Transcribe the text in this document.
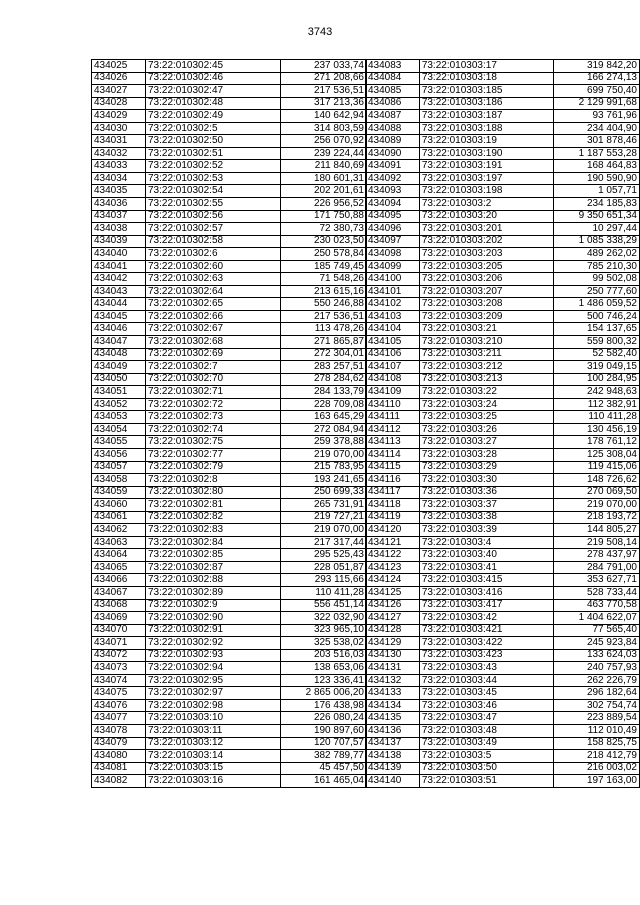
3743
434025	73:22:010302:45	237 033,74
434026	73:22:010302:46	271 208,66
434027	73:22:010302:47	217 536,51
434028	73:22:010302:48	317 213,36
434029	73:22:010302:49	140 642,94
434030	73:22:010302:5	314 803,59
434031	73:22:010302:50	256 070,92
434032	73:22:010302:51	239 224,44
434033	73:22:010302:52	211 840,69
434034	73:22:010302:53	180 601,31
434035	73:22:010302:54	202 201,61
434036	73:22:010302:55	226 956,52
434037	73:22:010302:56	171 750,88
434038	73:22:010302:57	72 380,73
434039	73:22:010302:58	230 023,50
434040	73:22:010302:6	250 578,84
434041	73:22:010302:60	185 749,45
434042	73:22:010302:63	71 548,26
434043	73:22:010302:64	213 615,16
434044	73:22:010302:65	550 246,88
434045	73:22:010302:66	217 536,51
434046	73:22:010302:67	113 478,26
434047	73:22:010302:68	271 865,87
434048	73:22:010302:69	272 304,01
434049	73:22:010302:7	283 257,51
434050	73:22:010302:70	278 284,62
434051	73:22:010302:71	284 133,79
434052	73:22:010302:72	228 709,08
434053	73:22:010302:73	163 645,29
434054	73:22:010302:74	272 084,94
434055	73:22:010302:75	259 378,88
434056	73:22:010302:77	219 070,00
434057	73:22:010302:79	215 783,95
434058	73:22:010302:8	193 241,65
434059	73:22:010302:80	250 699,33
434060	73:22:010302:81	265 731,91
434061	73:22:010302:82	219 727,21
434062	73:22:010302:83	219 070,00
434063	73:22:010302:84	217 317,44
434064	73:22:010302:85	295 525,43
434065	73:22:010302:87	228 051,87
434066	73:22:010302:88	293 115,66
434067	73:22:010302:89	110 411,28
434068	73:22:010302:9	556 451,14
434069	73:22:010302:90	322 032,90
434070	73:22:010302:91	323 965,10
434071	73:22:010302:92	325 538,02
434072	73:22:010302:93	203 516,03
434073	73:22:010302:94	138 653,06
434074	73:22:010302:95	123 336,41
434075	73:22:010302:97	2 865 006,20
434076	73:22:010302:98	176 438,98
434077	73:22:010303:10	226 080,24
434078	73:22:010303:11	190 897,60
434079	73:22:010303:12	120 707,57
434080	73:22:010303:14	382 789,77
434081	73:22:010303:15	45 457,50
434082	73:22:010303:16	161 465,04
434083	73:22:010303:17	319 842,20
434084	73:22:010303:18	166 274,13
434085	73:22:010303:185	699 750,40
434086	73:22:010303:186	2 129 991,68
434087	73:22:010303:187	93 761,96
434088	73:22:010303:188	234 404,90
434089	73:22:010303:19	301 878,46
434090	73:22:010303:190	1 187 553,28
434091	73:22:010303:191	168 464,83
434092	73:22:010303:197	190 590,90
434093	73:22:010303:198	1 057,71
434094	73:22:010303:2	234 185,83
434095	73:22:010303:20	9 350 651,34
434096	73:22:010303:201	10 297,44
434097	73:22:010303:202	1 085 338,29
434098	73:22:010303:203	489 262,02
434099	73:22:010303:205	785 210,30
434100	73:22:010303:206	99 502,08
434101	73:22:010303:207	250 777,60
434102	73:22:010303:208	1 486 059,52
434103	73:22:010303:209	500 746,24
434104	73:22:010303:21	154 137,65
434105	73:22:010303:210	559 800,32
434106	73:22:010303:211	52 582,40
434107	73:22:010303:212	319 049,15
434108	73:22:010303:213	100 284,95
434109	73:22:010303:22	242 948,63
434110	73:22:010303:24	112 382,91
434111	73:22:010303:25	110 411,28
434112	73:22:010303:26	130 456,19
434113	73:22:010303:27	178 761,12
434114	73:22:010303:28	125 308,04
434115	73:22:010303:29	119 415,06
434116	73:22:010303:30	148 726,62
434117	73:22:010303:36	270 069,50
434118	73:22:010303:37	219 070,00
434119	73:22:010303:38	218 193,72
434120	73:22:010303:39	144 805,27
434121	73:22:010303:4	219 508,14
434122	73:22:010303:40	278 437,97
434123	73:22:010303:41	284 791,00
434124	73:22:010303:415	353 627,71
434125	73:22:010303:416	528 733,44
434126	73:22:010303:417	463 770,58
434127	73:22:010303:42	1 404 622,07
434128	73:22:010303:421	77 565,40
434129	73:22:010303:422	245 923,84
434130	73:22:010303:423	133 624,03
434131	73:22:010303:43	240 757,93
434132	73:22:010303:44	262 226,79
434133	73:22:010303:45	296 182,64
434134	73:22:010303:46	302 754,74
434135	73:22:010303:47	223 889,54
434136	73:22:010303:48	112 010,49
434137	73:22:010303:49	158 825,75
434138	73:22:010303:5	218 412,79
434139	73:22:010303:50	216 003,02
434140	73:22:010303:51	197 163,00
